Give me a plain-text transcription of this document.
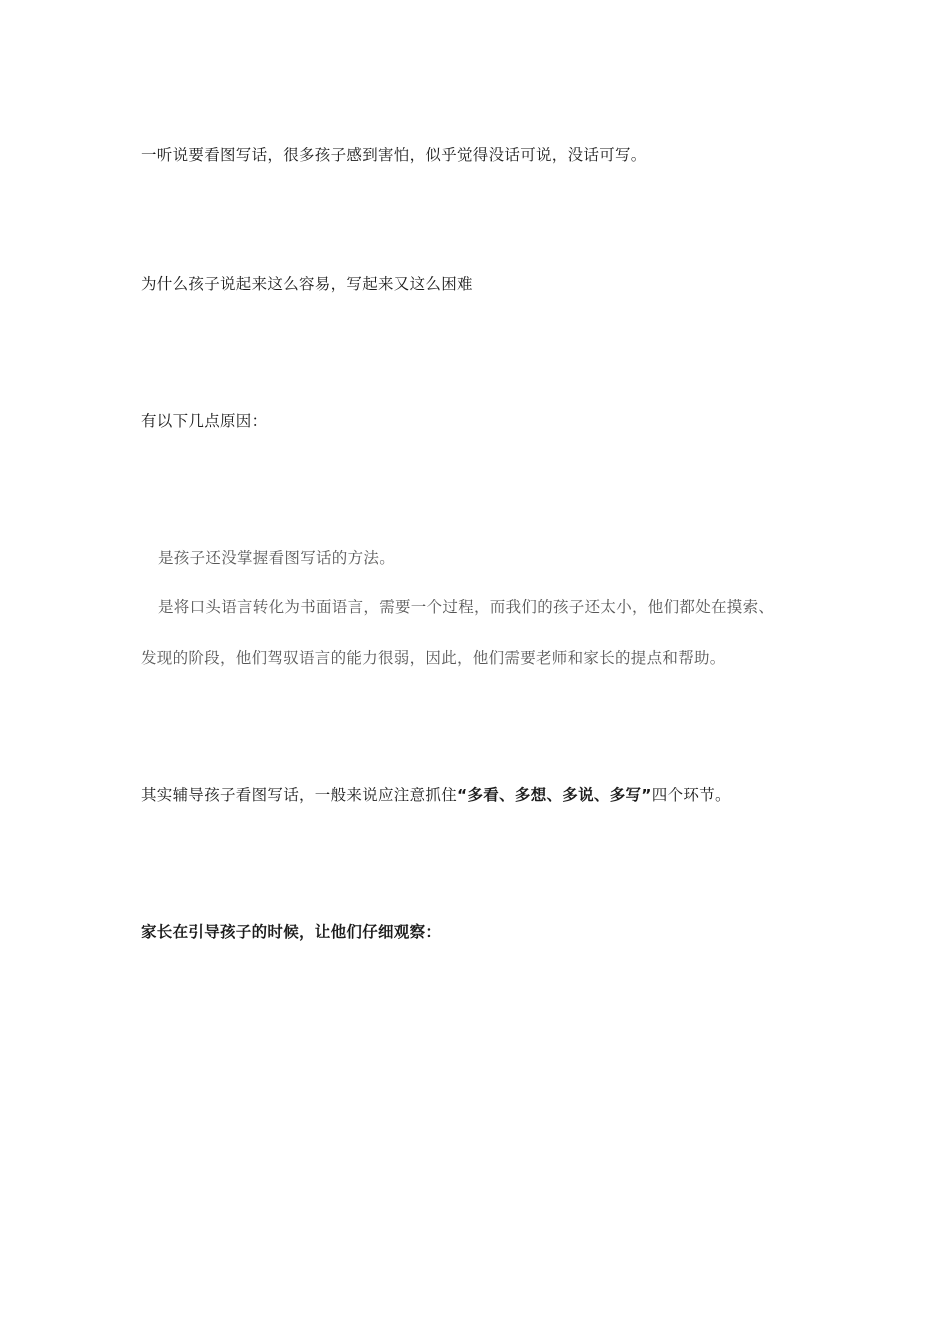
一听说要看图写话，很多孩子感到害怕，似乎觉得没话可说，没话可写。
为什么孩子说起来这么容易，写起来又这么困难
有以下几点原因：
是孩子还没掌握看图写话的方法。
是将口头语言转化为书面语言，需要一个过程，而我们的孩子还太小，他们都处在摸索、
发现的阶段，他们驾驭语言的能力很弱，因此，他们需要老师和家长的提点和帮助。
其实辅导孩子看图写话，一般来说应注意抓住“多看、多想、多说、多写”四个环节。
家长在引导孩子的时候，让他们仔细观察：
